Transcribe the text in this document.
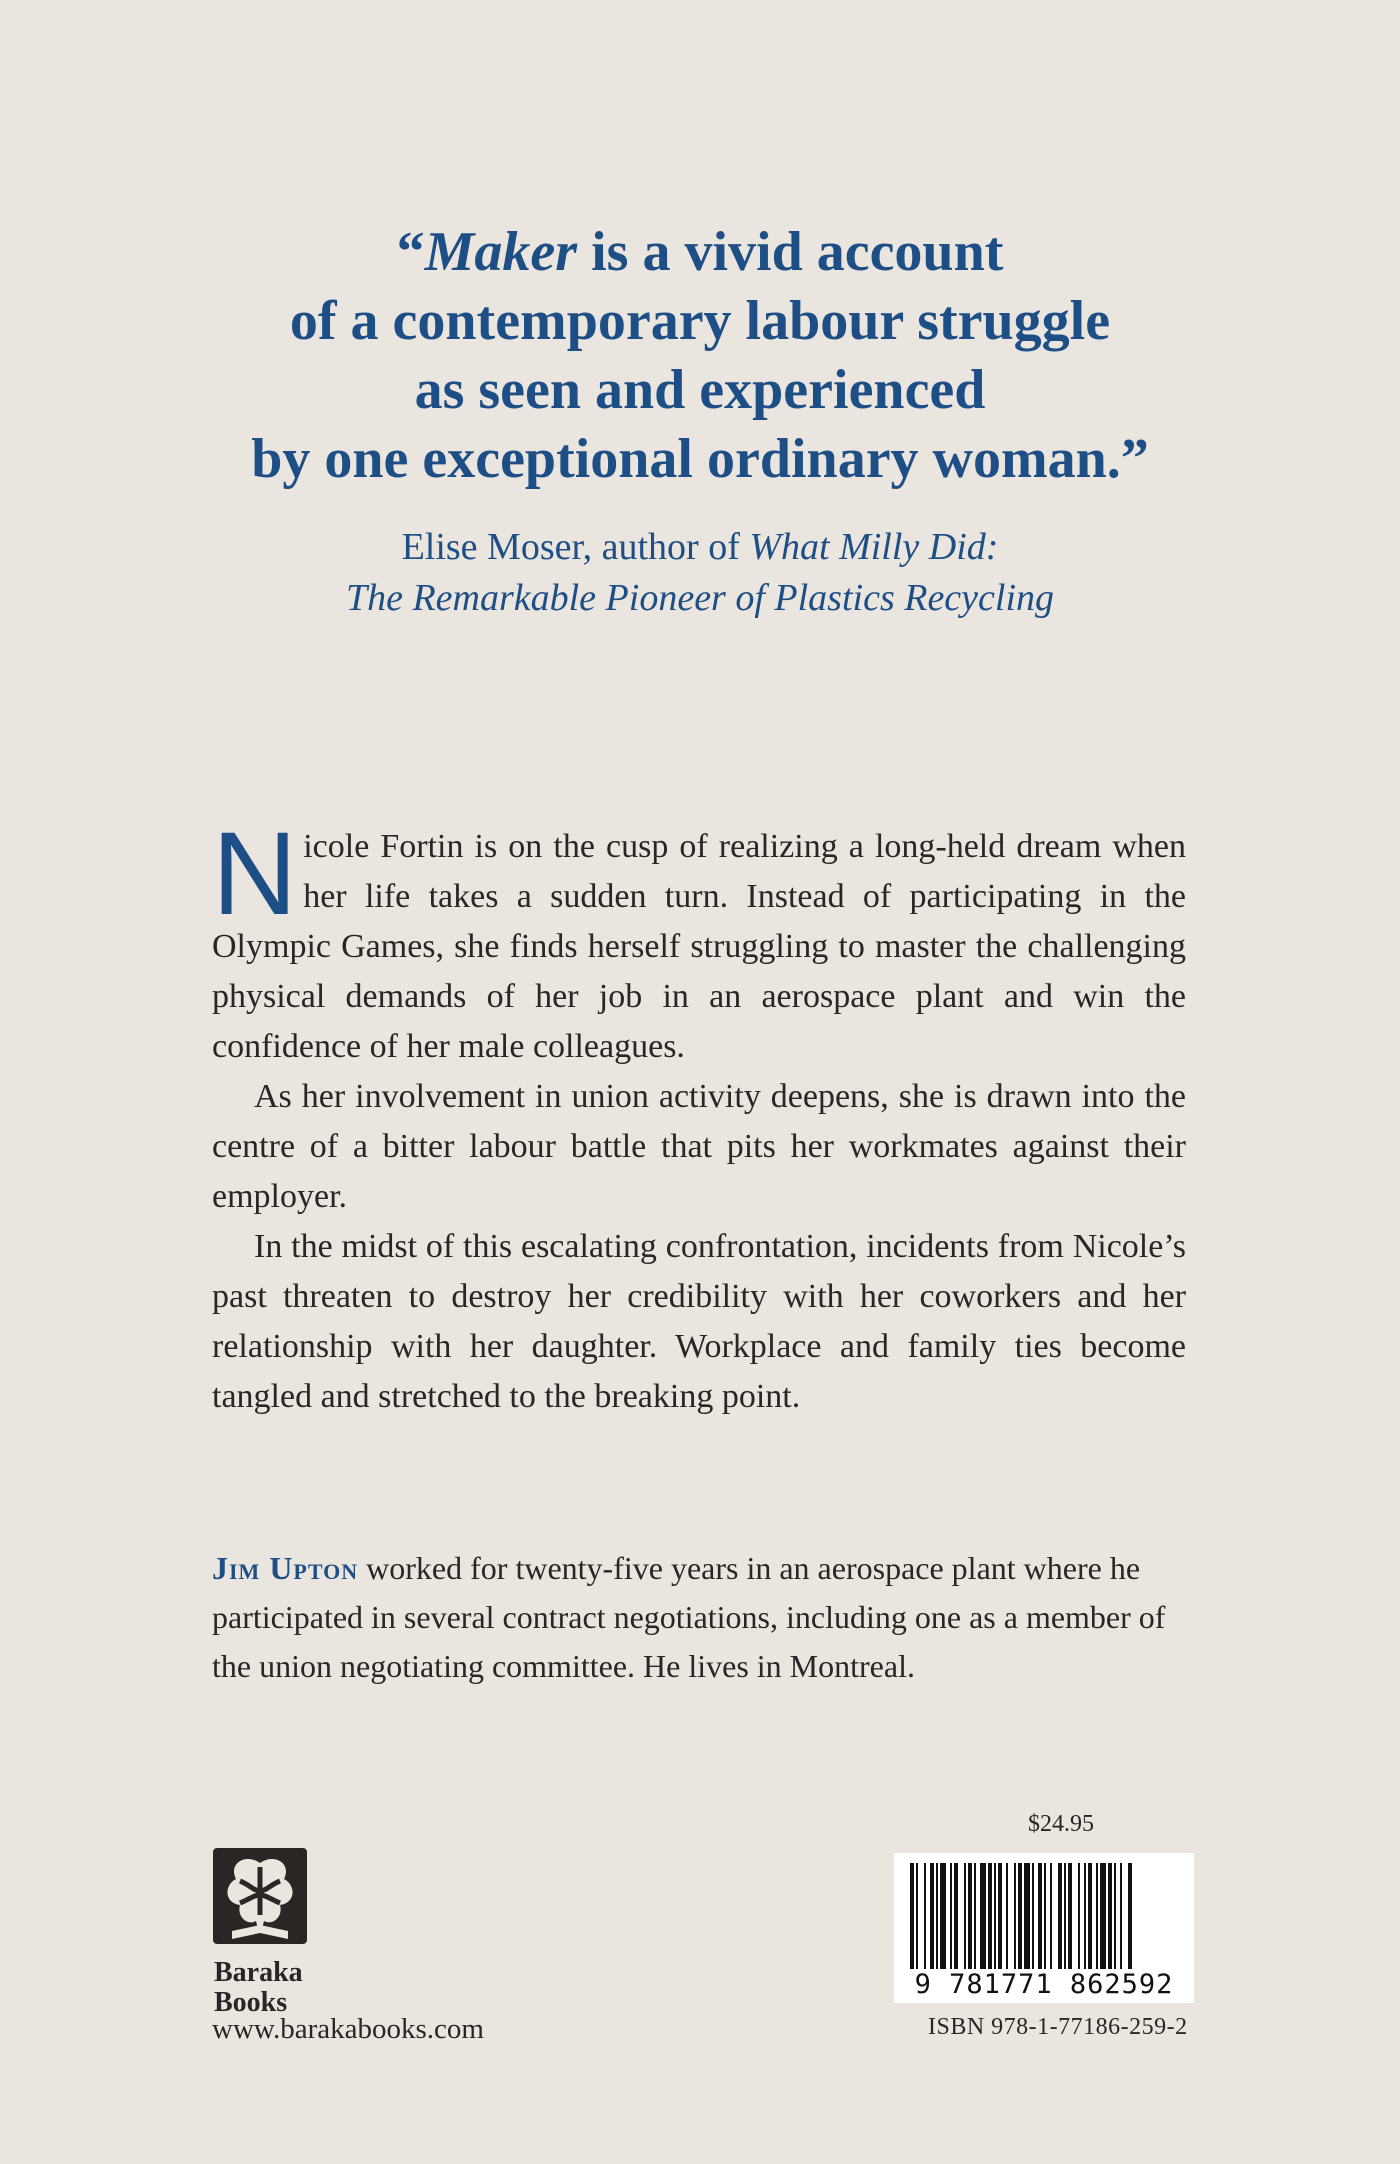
“Maker is a vivid account
of a contemporary labour struggle
as seen and experienced
by one exceptional ordinary woman.”
Elise Moser, author of What Milly Did:
The Remarkable Pioneer of Plastics Recycling

Nicole Fortin is on the cusp of realizing a long-held dream when her life takes a sudden turn. Instead of participating in the Olympic Games, she finds herself struggling to master the challenging physical demands of her job in an aerospace plant and win the confidence of her male colleagues.

As her involvement in union activity deepens, she is drawn into the centre of a bitter labour battle that pits her workmates against their employer.

In the midst of this escalating confrontation, incidents from Nicole’s past threaten to destroy her credibility with her coworkers and her relationship with her daughter. Workplace and family ties become tangled and stretched to the breaking point.

Jim Upton worked for twenty-five years in an aerospace plant where he participated in several contract negotiations, including one as a member of the union negotiating committee. He lives in Montreal.
Baraka
Books
www.barakabooks.com
$24.95
9 781771 862592
ISBN 978-1-77186-259-2
